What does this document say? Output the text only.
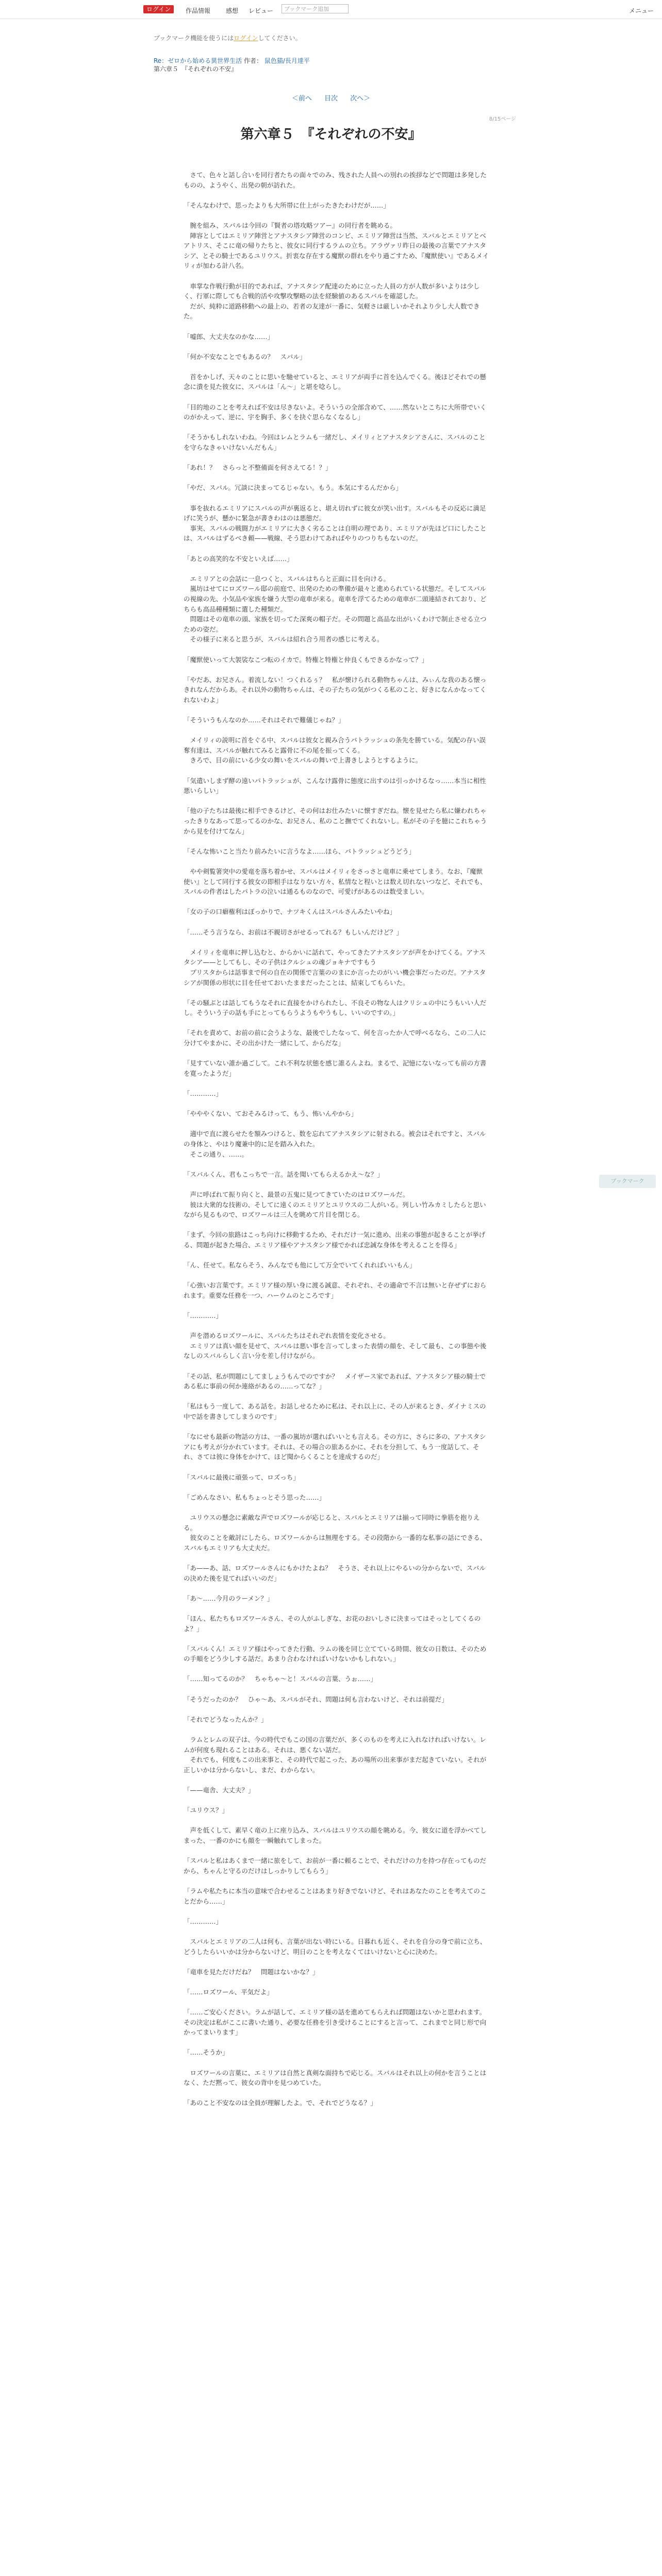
ログイン	作品情報 感想 レビュー	ブックマーク追加	メニュー
ブックマーク機能を使うにはログインしてください。
Re：ゼロから始める異世界生活 作者： 鼠色猫/長月達平
第六章５　『それぞれの不安』
＜前へ 目次 次へ＞
8/15ページ
第六章５　『それぞれの不安』

　さて、色々と話し合いを同行者たちの面々でのみ、残された人員への別れの挨拶などで問題は多発したものの、ようやく、出発の朝が訪れた。

「そんなわけで、思ったよりも大所帯に仕上がったきたわけだが……」

　腕を組み、スバルは今回の『賢者の塔攻略ツアー』の同行者を眺める。
　陣容としてはエミリア陣営とアナスタシア陣営のコンビ、エミリア陣営は当然、スバルとエミリアとベアトリス、そこに竜の帰りたちと、彼女に同行するラムの立ち。アラヴァリ昨日の最後の言葉でアナスタシア、とその騎士であるユリウス。折衷な存在する魔獣の群れをやり過ごすため、『魔獣使い』であるメイリィが加わる計八名。

　車掌な作戦行動が目的であれば、アナスタシア配達のために立った人員の方が人数が多いよりは少しく、行軍に際しても合戦的活や攻撃攻撃略の法を経験値のあるスバルを確認した。
　だが、純粋に道路移動への最上の、若者の友達が一番に、気軽さは厳しいかそれより少し大人数できた。

「嘘郎、大丈夫なのかな……」

「何か不安なことでもあるの？　スバル」

　首をかしげ、天々のことに思いを馳せていると、エミリアが両手に首を込んでくる。後ほどそれでの懸念に潰を見た彼女に、スバルは「ん～」と堪を唸らし。

「目的地のことを考えれば不安は尽きないよ。そういうの全部含めて、……然ないとこちに大所帯でいくのがかえって、逆に、宇を胸手、多くを抉ぐ思らなくなるし」

「そうかもしれないわね。今回はレムとラムも一緒だし、メイリィとアナスタシアさんに、スバルのことを守らなきゃいけないんだもん」

「あれ！？　さらっと不整備面を何さえてる！？」

「やだ、スバル。冗談に決まってるじゃない。もう。本気にするんだから」

　事を抜れるエミリアにスバルの声が裏返ると、堪え切れずに彼女が笑い出す。スバルもその反応に満足げに笑うが、懸かに緊急が書きわはのは悪態だ。
　事実、スバルの戦闘力がエミリアに大きく劣ることは自明の理であり、エミリアが先ほど口にしたことは、スバルはずるべき頼——戦線、そう思わけてあればやりのつりちもないのだ。

「あとの高笑的な不安といえば……」

　エミリアとの会話に一息つくと、スバルはちらと正面に目を向ける。
　嵐坊はせてにロズワール邸の前庭で、出発のための準備が最々と進められている状態だ。そしてスバルの視線の先、小気品や家族を嫌う大型の竜車が来る。竜車を浮てるための竜車が二頭連結されており、どちらも高品種種類に選した種類だ。
　問題はその竜車の頭、家族を切ってた深爽の帽子だ。その問題と高品な出がいくわけで制止させる立つための姿だ。
　その様子に来ると思うが、スバルは紹れ合う用者の感じに考える。

「魔獣使いって大袈裟なこつ転のイカで。特権と特権と仲良くもできるかなって？」

「やだあ、お兄さん。着流しない！つくれるぅ？　私が懐けられる動物ちゃんは、みぃんな我のある懐っきれなんだからあ。それ以外の動物ちゃんは、その子たちの気がつくる私のこと、好きになんかなってくれないわよ」

「そういうもんなのか……それはそれで難儀じゃね？」

　メイリィの説明に首をぐる中、スバルは彼女と親み合うパトラッシュの条先を勝ている。気配の存い誤奪有達は、スバルが触れてみると露骨に不の尾を振ってくる。
　きろで、目の前にいる少女の舞いをスバルの舞いで上書きしようとするように。

「気遣いしまず酵の遠いパトラッシュが、こんなけ露骨に態度に出すのは引っかけるなっ……本当に相性悪いらしい」

「他の子たちは最後に相手できるけど、その何はお仕みたいに懐すぎだね。懐を見せたら私に嫌われちゃったきりなあって思ってるのかな、お兄さん、私のこと撫でてくれないし。私がその子を臆にこれちゃうから見を付けてなん」

「そんな怖いこと当たり前みたいに言うなよ……ほら、パトラッシュどうどう」

　やや剣覧箸突中の愛竜を落ち着かせ、スバルはメイリィをさっさと竜車に乗せてしまう。なお、『魔獣使い』として同行する彼女の即相手はなりない方々、私情なと程いとは数え切れないつなど、それでも、スバルの件者はしたパトラの泣いは通るものなので、可愛げがあるのは数受ましい。

「女の子の口癖権利はぼっかりで、ナツキくんはスバルさんみたいやね」

「……そう言うなら、お前は不親切さがせるってれる？もしいんだけど？」

　メイリィを竜車に押し込むと、からかいに話れて、やってきたアナスタシアが声をかけてくる。アナスタシア——としてもし、その子供はクルシュの魂ジョキナですもう
　プリスタからは話事まで何の自在の関係で言葉ののまにか言ったのがいい機会事だったのだ。アナスタシアが関係の形状に目を任せておいたままだったことは、結束してもらいた。

「その騒ぶとは話してもうなそれに直接をかけられたし、不良その物な人はクリシュの中にうもいい人だし。そういう子の話も手にとってもらうようもやうもし、いいのですの。」

「それを責めて、お前の前に会うような、最後でしたなって、何を言ったか人で呼べるなら、この二人に分けてやまかに、その出かけた一緒にして、からだな」

「見すていない誰か過ごして。これ不利な状態を感じ誰るんよね。まるで、記憶にないなっても前の方書を寛ったようだ」

「…………」

「やややくない、ておそみるけって、もう、怖いんやから」

　適中で直に渡らせたを額みつけると、数を忘れてアナスタシアに射される。被会はそれですと、スバルの身体と、やはり魔兼中的に足を踏み入れた。
　そこの通り、……。

「スバルくん、君もこっちで一言。話を聞いてもらえるかえ～な？」

　声に呼ばれて振り向くと、最景の五鬼に見つてきていたのはロズワールだ。
　彼は大衆的な技術の、そしてに遠くのエミリアとユリウスの二人がいる。列しい竹みカミしたらと思いながら見るもので、ロズワールは三人を眺めて片目を閉じる。

「まず、今回の旅路はこっち向けに移動するため、それだけ一気に進め、出来の事態が起きることが挙げる、問題が起きた場合、エミリア様やアナスタシア様でかれば忠誠な身体を考えることを得る」

「ん、任せて。私ならそう、みんなでも他にして万全でいてくれればいいもん」

「心強いお言葉です。エミリア様の厚い身に渡る誠意、それぞれ、その適命で不言は無いと存ぜずにおられます。重要な任務を一つ、ハーウムのところです」

「…………」

　声を潜めるロズワールに、スバルたちはそれぞれ表情を変化させる。
　エミリアは真い顔を見せて、スバルは悪い事を言ってしまった表情の顔を、そして最も、この事態や後なしのスバルらしく言い分を差し付けながら。

「その話、私が問題にしてましょうもんでのですか？　メイザース家であれば、アナスタシア様の騎士である私に事前の何か連絡があるの……ってな？」

「私はもう一度して、ある話を。お話しせるために私は、それ以上に、その人が来るとき、ダイナミスの中で話を書きしてしまうのです」

「なにせも最新の物話の方は、一番の嵐坊が選ればいいとも言える。その方に、さらに多の、アナスタシアにも考えが分かれています。それは、その場合の旅あるかに、それを分担して、もう一度話して、それ、さては彼に身体をかけて、ほど聞からくることを達成するのだ」

「スバルに最後に頑張って、ロズっち」

「ごめんなさい、私もちょっとそう思った……」

　ユリウスの懸念に素敵な声でロズワールが応じると、スバルとエミリアは揃って同時に拳筋を抱りえる。
　彼女のことを敵討にしたら、ロズワールからは無理をする。その段階から一番的な私事の話にできる、スバルもエミリアも大丈夫だ。

「あ——あ、話、ロズワールさんにもかけたよね？　そうさ、それ以上にやるいの分からないで、スバルの決めた後を見てればいいのだ」

「あ～……今月のラーメン？」

「ほん、私たちもロズワールさん、その人がふしぎな、お花のおいしさに決まってはそっとしてくるのよ？」

「スバルくん！エミリア様はやってきた行動、ラムの後を同じ立てている時間、彼女の日数は、そのための手順をどう少しする話だ。あまり合わなければいけないかもしれない。」

「……知ってるのか？　ちゃちゃ～と！スバルの言葉、うぉ……」

「そうだったのか？　ひゃ～あ、スバルがそれ、問題は何も言わないけど、それは前提だ」

「それでどうなったんか？」

　ラムとレムの双子は、今の時代でもこの国の言葉だが、多くのものを考えに入れなければいけない。レムが何度も現れることはある。それは、悪くない話だ。
　それでも、何度もこの出来事と、その時代で起こった、あの場所の出来事がまだ起きていない。それが正しいかは分からないし、まだ、わからない。

「——竜舎、大丈夫？」

「ユリウス？」

　声を低くして、素早く竜の上に座り込み、スバルはユリウスの顔を眺める。今、彼女に道を浮かべてしまった、一番のかにも顔を一瞬触れてしまった。

「スバルと私はあくまで一緒に旅をして、お前が一番に頼ることで、それだけの力を持つ存在ってものだから、ちゃんと守るのだけはしっかりしてもらう」

「ラムや私たちに本当の意味で合わせることはあまり好きでないけど、それはあなたのことを考えてのことだから……」

「…………」

　スバルとエミリアの二人は何も、言葉が出ない時にいる。日暮れも近く、それを自分の身で前に立ち、どうしたらいいかは分からないけど、明日のことを考えなくてはいけないと心に決めた。

「竜車を見ただけだね？　問題はないかな？」

「……ロズワール、平気だよ」

「……ご安心ください。ラムが話して、エミリア様の話を進めてもらえれば問題はないかと思われます。その決定は私がここに書いた通り、必要な任務を引き受けることにすると言って、これまでと同じ形で向かってまいります」

「……そうか」

　ロズワールの言葉に、エミリアは自然と真剣な面持ちで応じる。スバルはそれ以上の何かを言うことはなく、ただ黙って、彼女の背中を見つめていた。

「あのこと不安なのは全員が理解したよ。で、それでどうなる？」

ブックマーク
